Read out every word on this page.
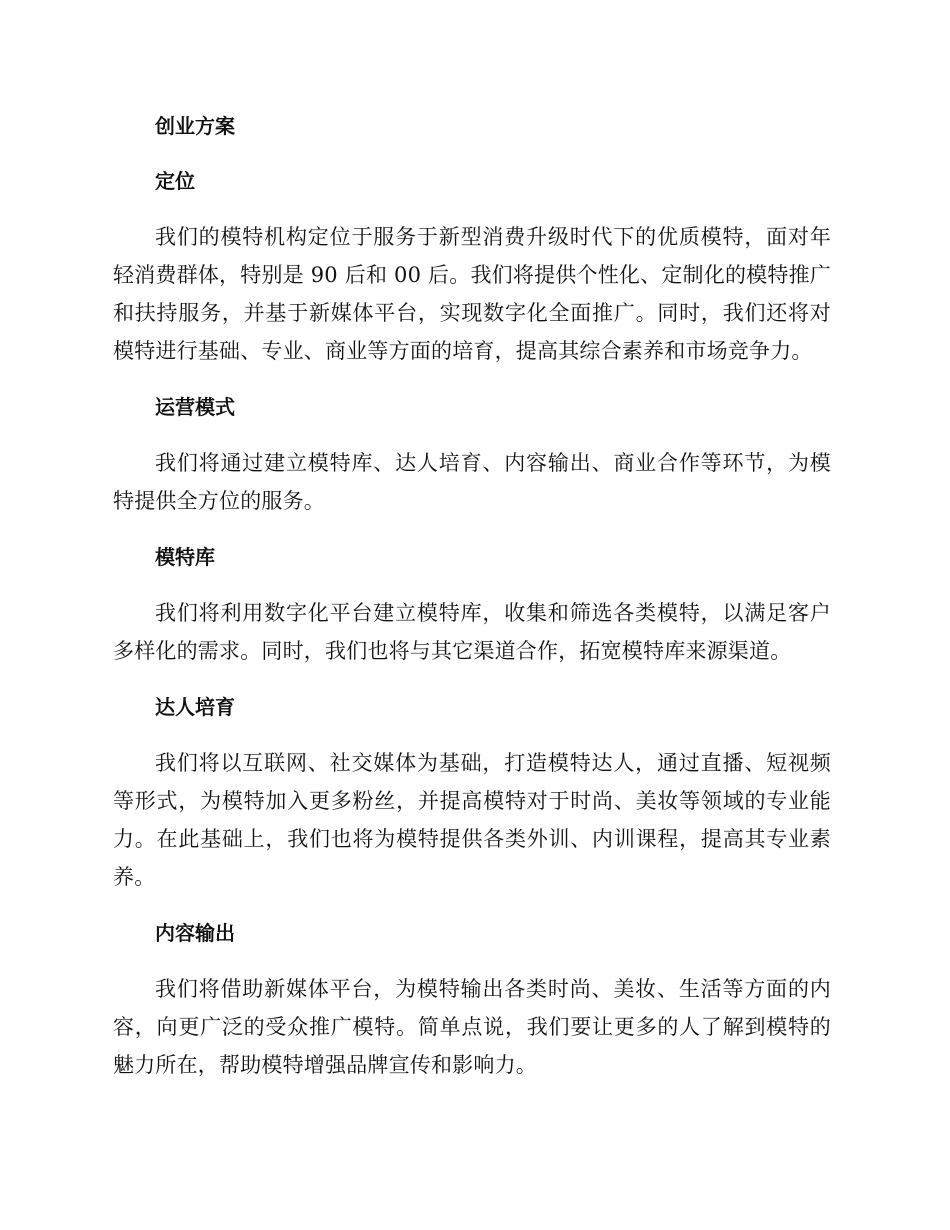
创业方案
定位

我们的模特机构定位于服务于新型消费升级时代下的优质模特，面对年轻消费群体，特别是 90 后和 00 后。我们将提供个性化、定制化的模特推广和扶持服务，并基于新媒体平台，实现数字化全面推广。同时，我们还将对模特进行基础、专业、商业等方面的培育，提高其综合素养和市场竞争力。

运营模式

我们将通过建立模特库、达人培育、内容输出、商业合作等环节，为模特提供全方位的服务。

模特库

我们将利用数字化平台建立模特库，收集和筛选各类模特，以满足客户多样化的需求。同时，我们也将与其它渠道合作，拓宽模特库来源渠道。

达人培育

我们将以互联网、社交媒体为基础，打造模特达人，通过直播、短视频等形式，为模特加入更多粉丝，并提高模特对于时尚、美妆等领域的专业能力。在此基础上，我们也将为模特提供各类外训、内训课程，提高其专业素养。

内容输出

我们将借助新媒体平台，为模特输出各类时尚、美妆、生活等方面的内容，向更广泛的受众推广模特。简单点说，我们要让更多的人了解到模特的魅力所在，帮助模特增强品牌宣传和影响力。
